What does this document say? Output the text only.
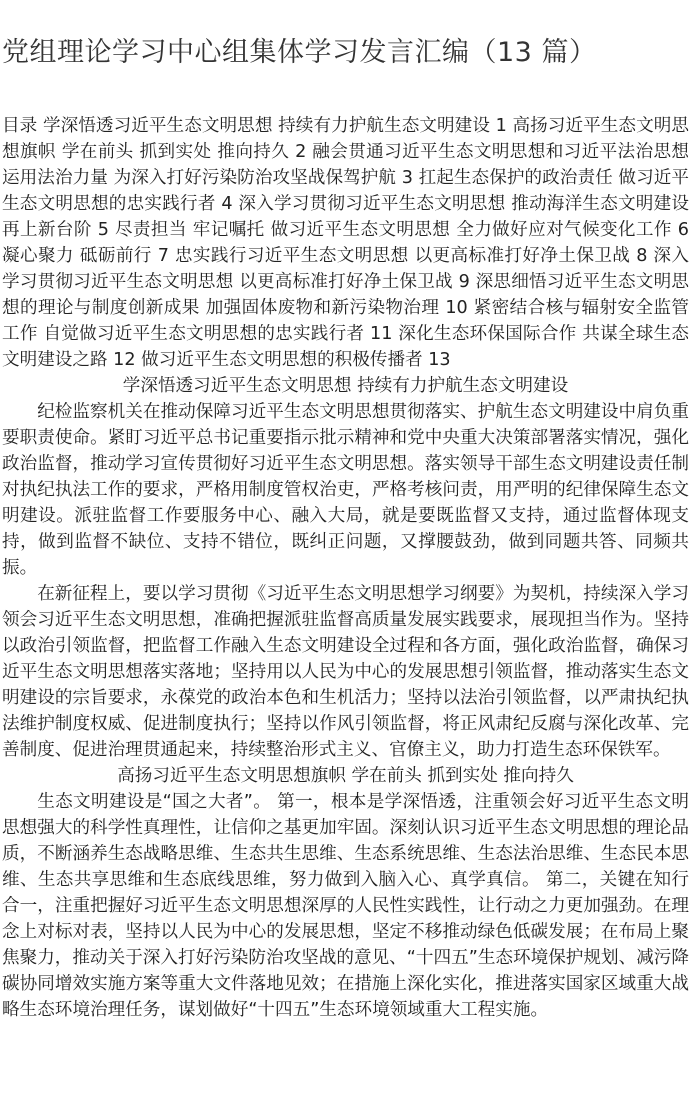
党组理论学习中心组集体学习发言汇编（13 篇）
目录 学深悟透习近平生态文明思想 持续有力护航生态文明建设 1 高扬习近平生态文明思想旗帜 学在前头 抓到实处 推向持久 2 融会贯通习近平生态文明思想和习近平法治思想运用法治力量 为深入打好污染防治攻坚战保驾护航 3 扛起生态保护的政治责任 做习近平生态文明思想的忠实践行者 4 深入学习贯彻习近平生态文明思想 推动海洋生态文明建设再上新台阶 5 尽责担当 牢记嘱托 做习近平生态文明思想 全力做好应对气候变化工作 6 凝心聚力 砥砺前行 7 忠实践行习近平生态文明思想 以更高标准打好净土保卫战 8 深入学习贯彻习近平生态文明思想 以更高标准打好净土保卫战 9 深思细悟习近平生态文明思想的理论与制度创新成果 加强固体废物和新污染物治理 10 紧密结合核与辐射安全监管工作 自觉做习近平生态文明思想的忠实践行者 11 深化生态环保国际合作 共谋全球生态文明建设之路 12 做习近平生态文明思想的积极传播者 13
学深悟透习近平生态文明思想 持续有力护航生态文明建设

纪检监察机关在推动保障习近平生态文明思想贯彻落实、护航生态文明建设中肩负重要职责使命。紧盯习近平总书记重要指示批示精神和党中央重大决策部署落实情况，强化政治监督，推动学习宣传贯彻好习近平生态文明思想。落实领导干部生态文明建设责任制对执纪执法工作的要求，严格用制度管权治吏，严格考核问责，用严明的纪律保障生态文明建设。派驻监督工作要服务中心、融入大局，就是要既监督又支持，通过监督体现支持，做到监督不缺位、支持不错位，既纠正问题，又撑腰鼓劲，做到同题共答、同频共振。

在新征程上，要以学习贯彻《习近平生态文明思想学习纲要》为契机，持续深入学习领会习近平生态文明思想，准确把握派驻监督高质量发展实践要求，展现担当作为。坚持以政治引领监督，把监督工作融入生态文明建设全过程和各方面，强化政治监督，确保习近平生态文明思想落实落地；坚持用以人民为中心的发展思想引领监督，推动落实生态文明建设的宗旨要求，永葆党的政治本色和生机活力；坚持以法治引领监督，以严肃执纪执法维护制度权威、促进制度执行；坚持以作风引领监督，将正风肃纪反腐与深化改革、完善制度、促进治理贯通起来，持续整治形式主义、官僚主义，助力打造生态环保铁军。

高扬习近平生态文明思想旗帜 学在前头 抓到实处 推向持久

生态文明建设是“国之大者”。 第一，根本是学深悟透，注重领会好习近平生态文明思想强大的科学性真理性，让信仰之基更加牢固。深刻认识习近平生态文明思想的理论品质，不断涵养生态战略思维、生态共生思维、生态系统思维、生态法治思维、生态民本思维、生态共享思维和生态底线思维，努力做到入脑入心、真学真信。 第二，关键在知行合一，注重把握好习近平生态文明思想深厚的人民性实践性，让行动之力更加强劲。在理念上对标对表，坚持以人民为中心的发展思想，坚定不移推动绿色低碳发展；在布局上聚焦聚力，推动关于深入打好污染防治攻坚战的意见、“十四五”生态环境保护规划、减污降碳协同增效实施方案等重大文件落地见效；在措施上深化实化，推进落实国家区域重大战略生态环境治理任务，谋划做好“十四五”生态环境领域重大工程实施。
